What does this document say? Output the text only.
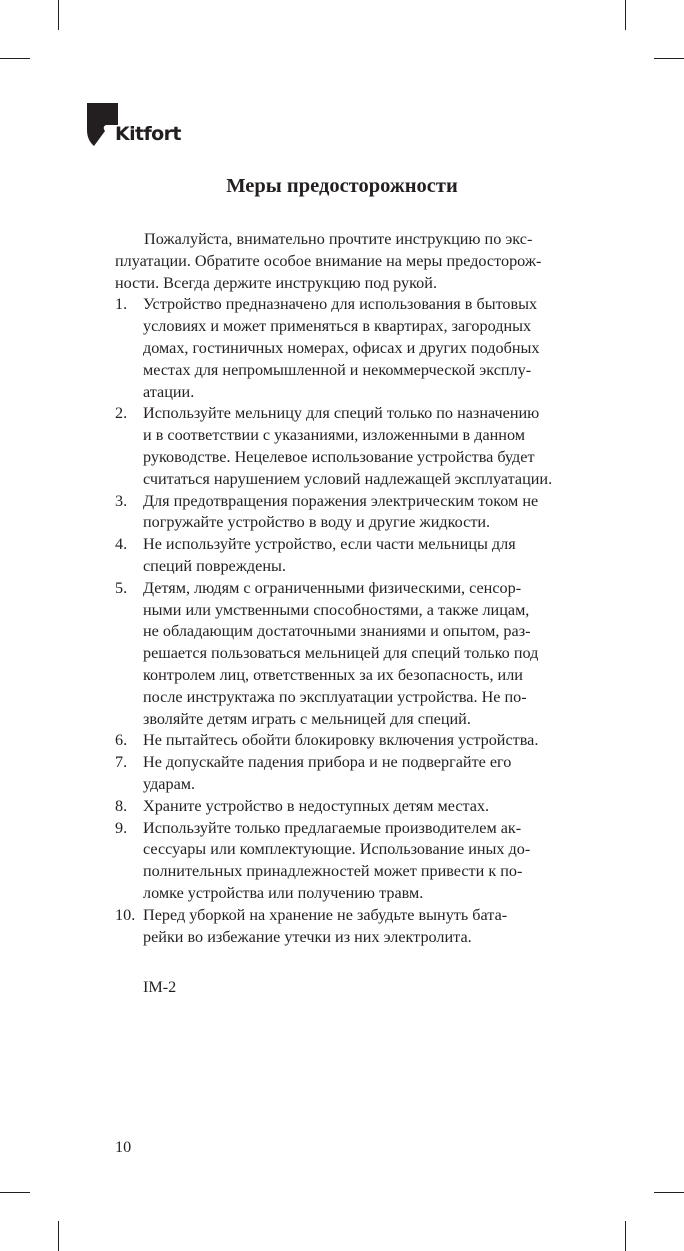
Kitfort
Меры предосторожности
Пожалуйста, внимательно прочтите инструкцию по экс-
плуатации. Обратите особое внимание на меры предосторож-
ности. Всегда держите инструкцию под рукой.
1. Устройство предназначено для использования в бытовых
условиях и может применяться в квартирах, загородных
домах, гостиничных номерах, офисах и других подобных
местах для непромышленной и некоммерческой эксплу-
атации.
2. Используйте мельницу для специй только по назначению
и в соответствии с указаниями, изложенными в данном
руководстве. Нецелевое использование устройства будет
считаться нарушением условий надлежащей эксплуатации.
3. Для предотвращения поражения электрическим током не
погружайте устройство в воду и другие жидкости.
4. Не используйте устройство, если части мельницы для
специй повреждены.
5. Детям, людям с ограниченными физическими, сенсор-
ными или умственными способностями, а также лицам,
не обладающим достаточными знаниями и опытом, раз-
решается пользоваться мельницей для специй только под
контролем лиц, ответственных за их безопасность, или
после инструктажа по эксплуатации устройства. Не по-
зволяйте детям играть с мельницей для специй.
6. Не пытайтесь обойти блокировку включения устройства.
7. Не допускайте падения прибора и не подвергайте его
ударам.
8. Храните устройство в недоступных детям местах.
9. Используйте только предлагаемые производителем ак-
сессуары или комплектующие. Использование иных до-
полнительных принадлежностей может привести к по-
ломке устройства или получению травм.
10. Перед уборкой на хранение не забудьте вынуть бата-
рейки во избежание утечки из них электролита.
IM-2
10
